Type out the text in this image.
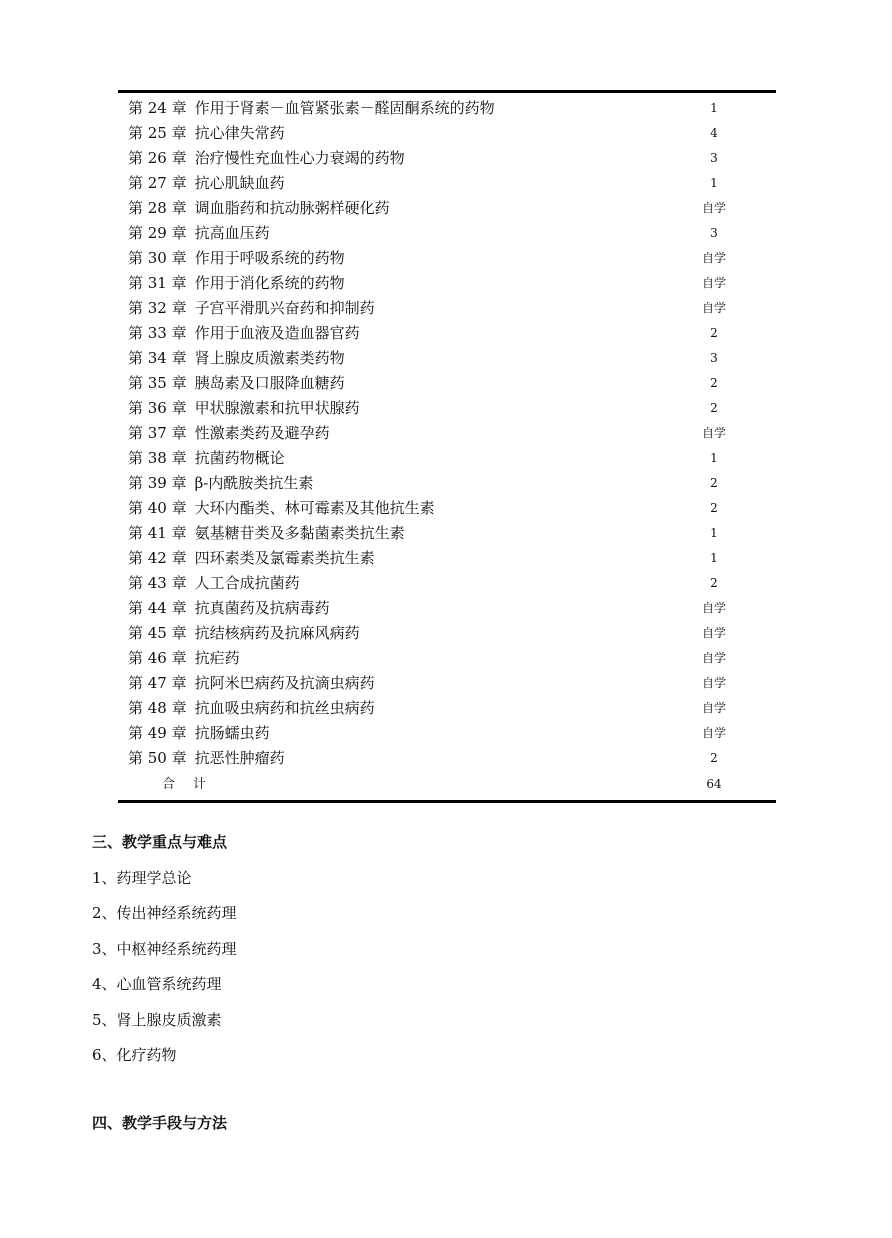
第 24 章 作用于肾素－血管紧张素－醛固酮系统的药物	1
第 25 章 抗心律失常药	4
第 26 章 治疗慢性充血性心力衰竭的药物	3
第 27 章 抗心肌缺血药	1
第 28 章 调血脂药和抗动脉粥样硬化药	自学
第 29 章 抗高血压药	3
第 30 章 作用于呼吸系统的药物	自学
第 31 章 作用于消化系统的药物	自学
第 32 章 子宫平滑肌兴奋药和抑制药	自学
第 33 章 作用于血液及造血器官药	2
第 34 章 肾上腺皮质激素类药物	3
第 35 章 胰岛素及口服降血糖药	2
第 36 章 甲状腺激素和抗甲状腺药	2
第 37 章 性激素类药及避孕药	自学
第 38 章 抗菌药物概论	1
第 39 章 β-内酰胺类抗生素	2
第 40 章 大环内酯类、林可霉素及其他抗生素	2
第 41 章 氨基糖苷类及多黏菌素类抗生素	1
第 42 章 四环素类及氯霉素类抗生素	1
第 43 章 人工合成抗菌药	2
第 44 章 抗真菌药及抗病毒药	自学
第 45 章 抗结核病药及抗麻风病药	自学
第 46 章 抗疟药	自学
第 47 章 抗阿米巴病药及抗滴虫病药	自学
第 48 章 抗血吸虫病药和抗丝虫病药	自学
第 49 章 抗肠蠕虫药	自学
第 50 章 抗恶性肿瘤药	2
合计	64
三、教学重点与难点
1、药理学总论
2、传出神经系统药理
3、中枢神经系统药理
4、心血管系统药理
5、肾上腺皮质激素
6、化疗药物
四、教学手段与方法
